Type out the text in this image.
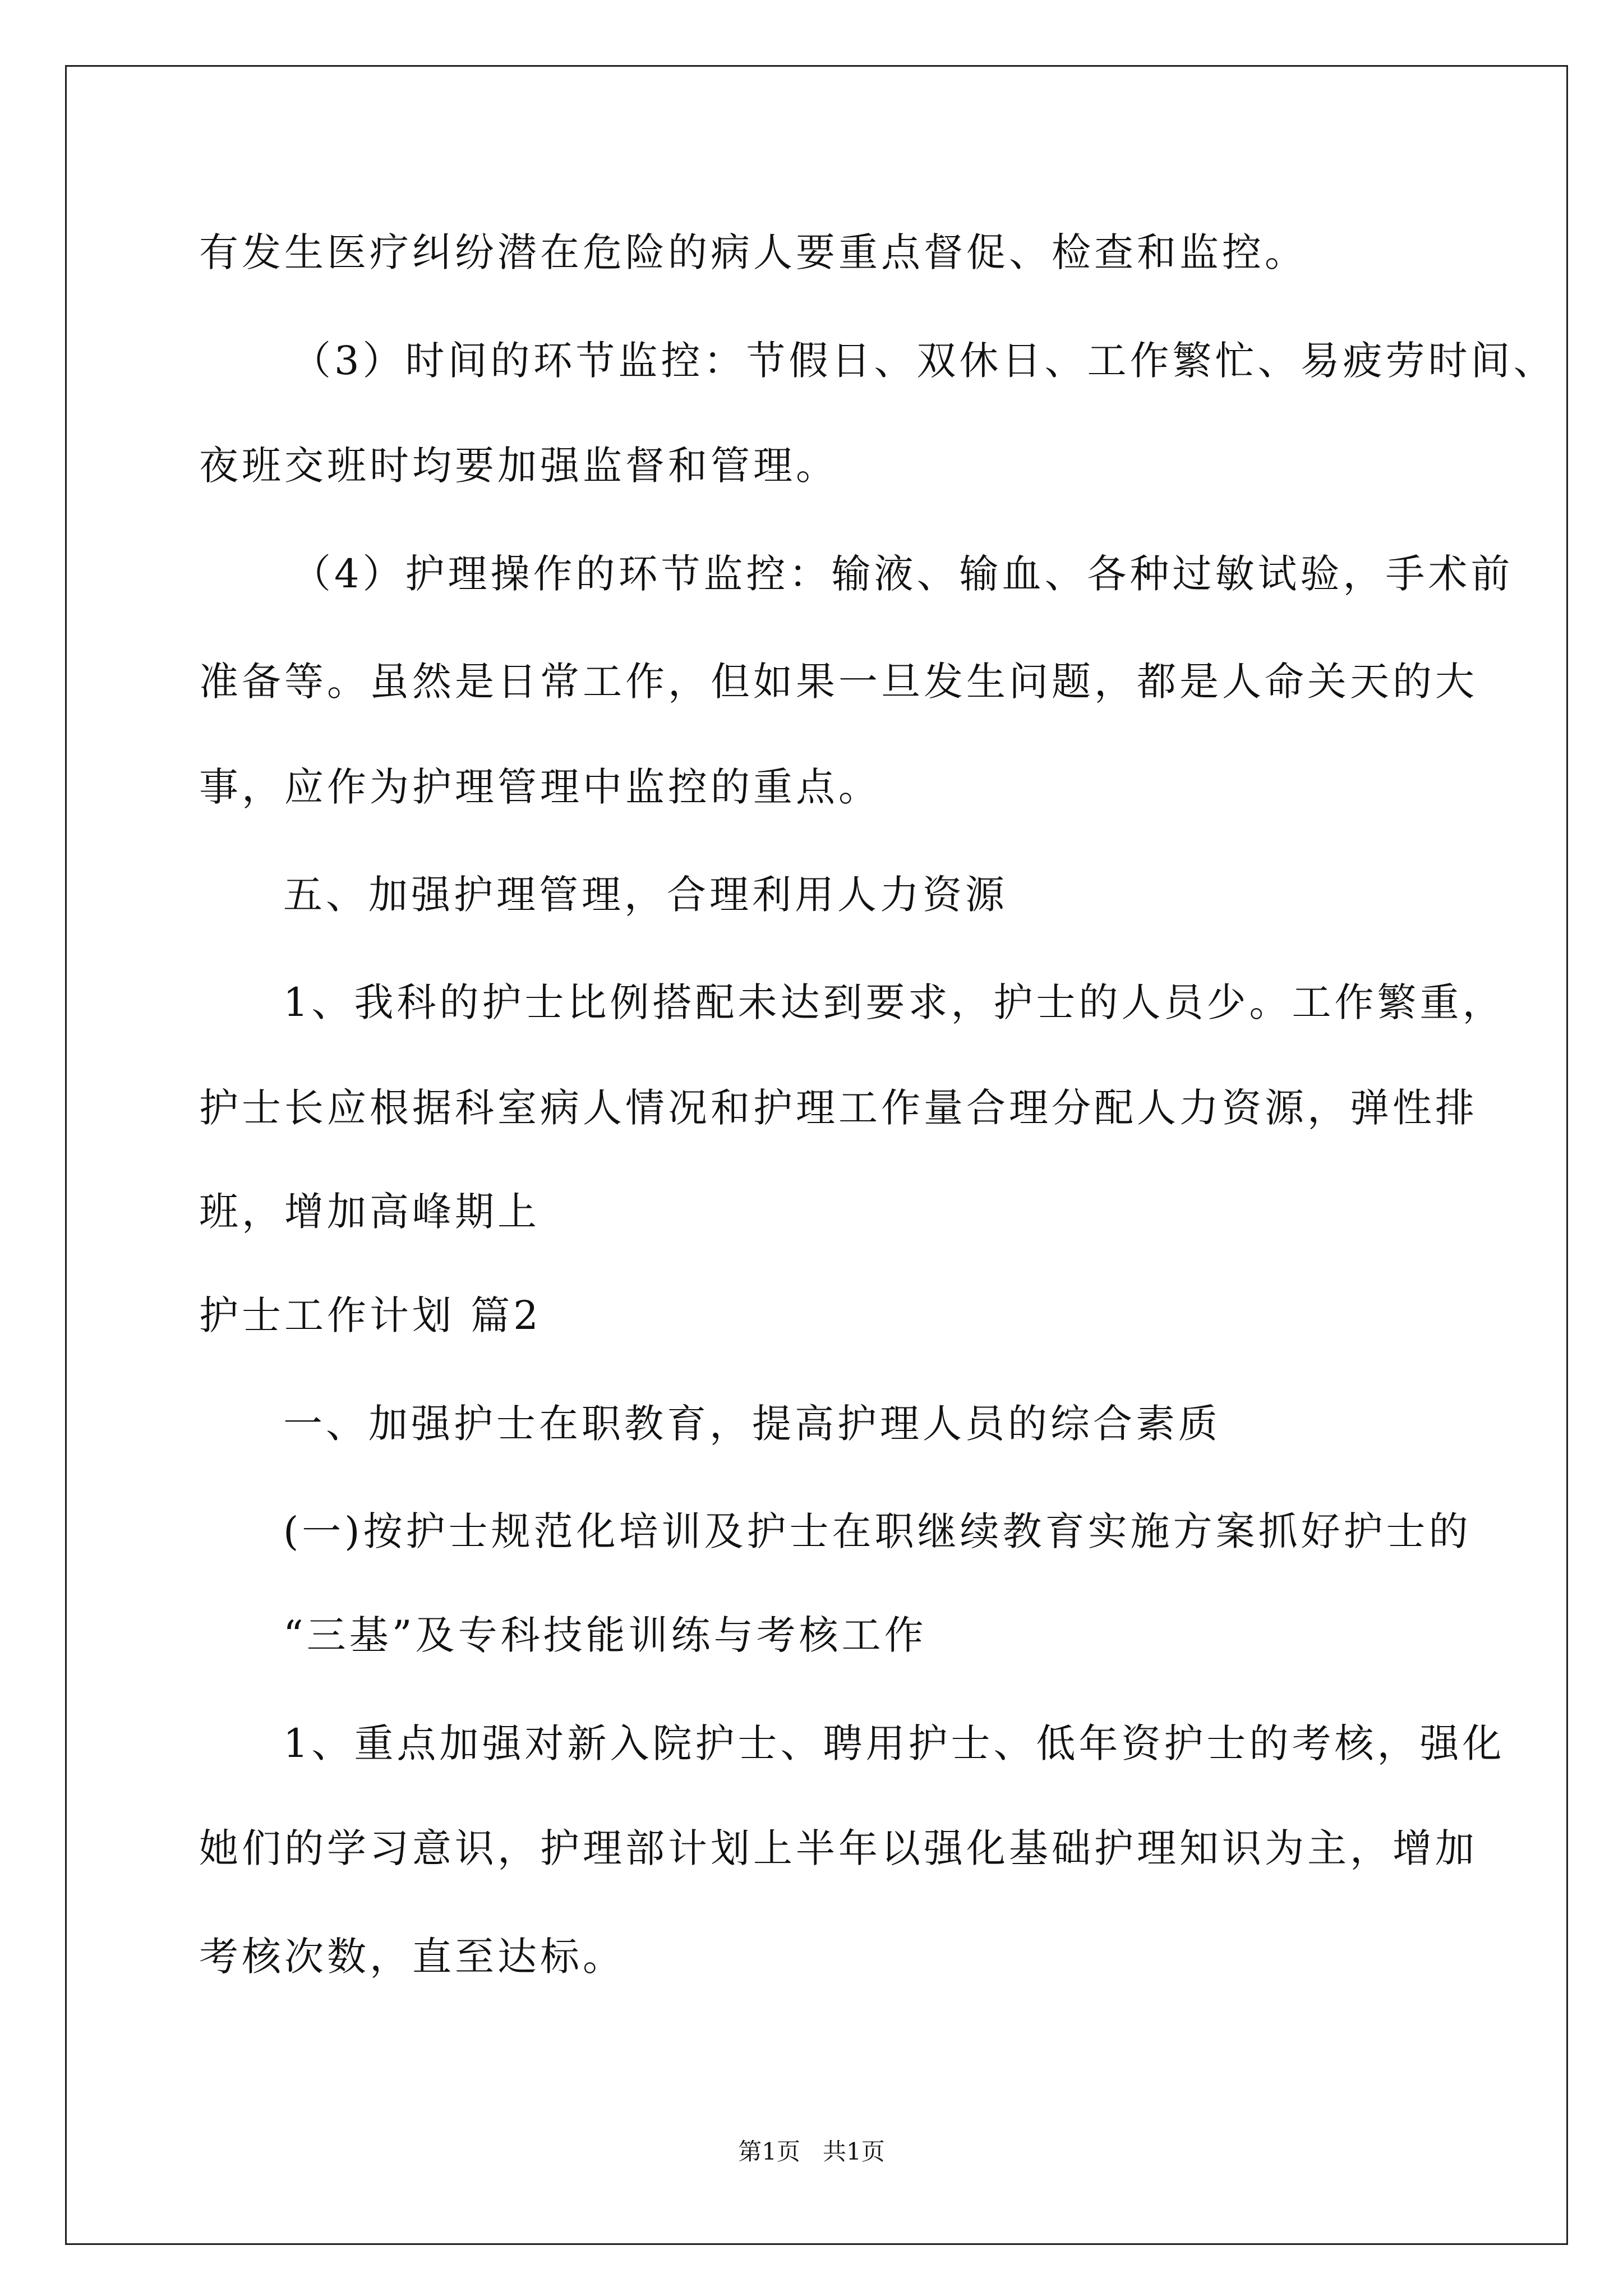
有发生医疗纠纷潜在危险的病人要重点督促、检查和监控。

（3）时间的环节监控：节假日、双休日、工作繁忙、易疲劳时间、

夜班交班时均要加强监督和管理。

（4）护理操作的环节监控：输液、输血、各种过敏试验，手术前

准备等。虽然是日常工作，但如果一旦发生问题，都是人命关天的大

事，应作为护理管理中监控的重点。

五、加强护理管理，合理利用人力资源

1、我科的护士比例搭配未达到要求，护士的人员少。工作繁重，

护士长应根据科室病人情况和护理工作量合理分配人力资源，弹性排

班，增加高峰期上

护士工作计划 篇2

一、加强护士在职教育，提高护理人员的综合素质

(一)按护士规范化培训及护士在职继续教育实施方案抓好护士的

“三基”及专科技能训练与考核工作

1、重点加强对新入院护士、聘用护士、低年资护士的考核，强化

她们的学习意识，护理部计划上半年以强化基础护理知识为主，增加

考核次数，直至达标。

第1页   共1页
